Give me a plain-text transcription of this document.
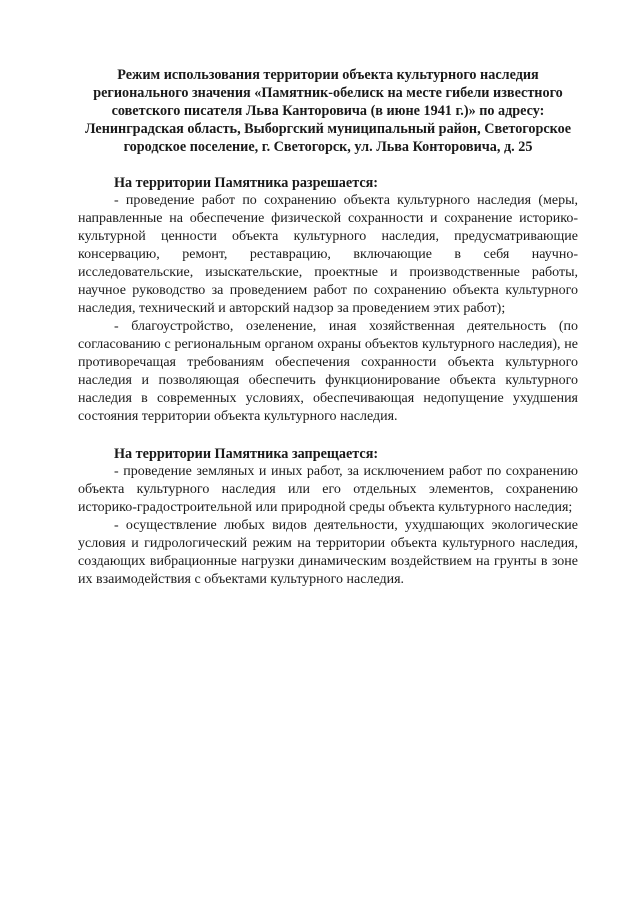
Режим использования территории объекта культурного наследия регионального значения «Памятник-обелиск на месте гибели известного советского писателя Льва Канторовича (в июне 1941 г.)» по адресу: Ленинградская область, Выборгский муниципальный район, Светогорское городское поселение, г. Светогорск, ул. Льва Конторовича, д. 25

На территории Памятника разрешается:

- проведение работ по сохранению объекта культурного наследия (меры, направленные на обеспечение физической сохранности и сохранение историко-культурной ценности объекта культурного наследия, предусматривающие консервацию, ремонт, реставрацию, включающие в себя научно-исследовательские, изыскательские, проектные и производственные работы, научное руководство за проведением работ по сохранению объекта культурного наследия, технический и авторский надзор за проведением этих работ);

- благоустройство, озеленение, иная хозяйственная деятельность (по согласованию с региональным органом охраны объектов культурного наследия), не противоречащая требованиям обеспечения сохранности объекта культурного наследия и позволяющая обеспечить функционирование объекта культурного наследия в современных условиях, обеспечивающая недопущение ухудшения состояния территории объекта культурного наследия.

На территории Памятника запрещается:

- проведение земляных и иных работ, за исключением работ по сохранению объекта культурного наследия или его отдельных элементов, сохранению историко-градостроительной или природной среды объекта культурного наследия;

- осуществление любых видов деятельности, ухудшающих экологические условия и гидрологический режим на территории объекта культурного наследия, создающих вибрационные нагрузки динамическим воздействием на грунты в зоне их взаимодействия с объектами культурного наследия.
